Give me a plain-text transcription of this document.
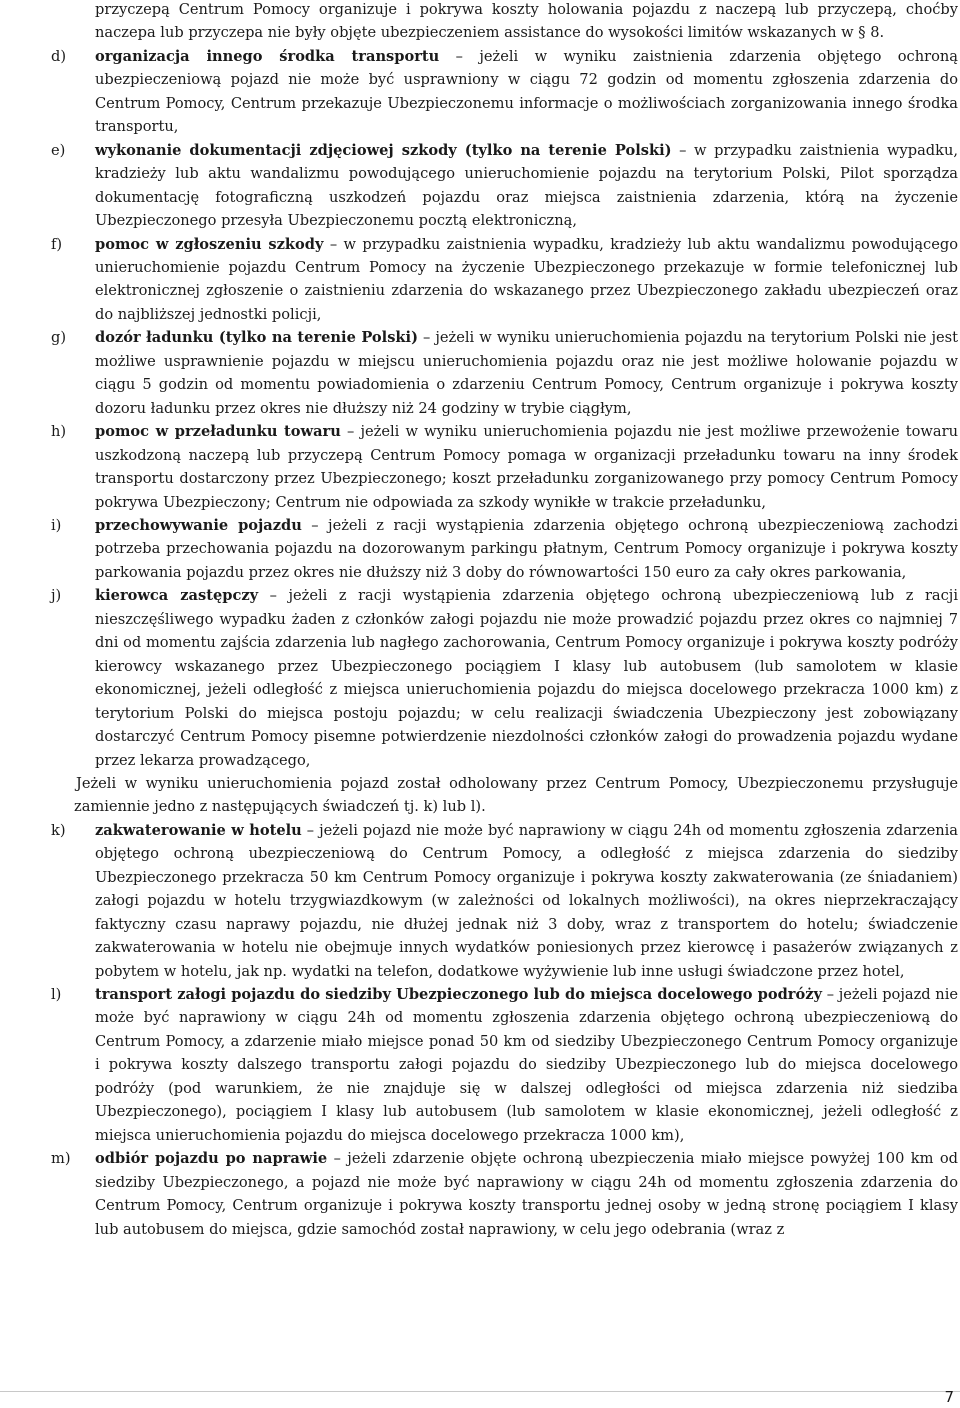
przyczepą Centrum Pomocy organizuje i pokrywa koszty holowania pojazdu z naczepą lub przyczepą, choćby naczepa lub przyczepa nie były objęte ubezpieczeniem assistance do wysokości limitów wskazanych w § 8.
d) organizacja innego środka transportu – jeżeli w wyniku zaistnienia zdarzenia objętego ochroną ubezpieczeniową pojazd nie może być usprawniony w ciągu 72 godzin od momentu zgłoszenia zdarzenia do Centrum Pomocy, Centrum przekazuje Ubezpieczonemu informacje o możliwościach zorganizowania innego środka transportu,
e) wykonanie dokumentacji zdjęciowej szkody (tylko na terenie Polski) – w przypadku zaistnienia wypadku, kradzieży lub aktu wandalizmu powodującego unieruchomienie pojazdu na terytorium Polski, Pilot sporządza dokumentację fotograficzną uszkodzeń pojazdu oraz miejsca zaistnienia zdarzenia, którą na życzenie Ubezpieczonego przesyła Ubezpieczonemu pocztą elektroniczną,
f) pomoc w zgłoszeniu szkody – w przypadku zaistnienia wypadku, kradzieży lub aktu wandalizmu powodującego unieruchomienie pojazdu Centrum Pomocy na życzenie Ubezpieczonego przekazuje w formie telefonicznej lub elektronicznej zgłoszenie o zaistnieniu zdarzenia do wskazanego przez Ubezpieczonego zakładu ubezpieczeń oraz do najbliższej jednostki policji,
g) dozór ładunku (tylko na terenie Polski) – jeżeli w wyniku unieruchomienia pojazdu na terytorium Polski nie jest możliwe usprawnienie pojazdu w miejscu unieruchomienia pojazdu oraz nie jest możliwe holowanie pojazdu w ciągu 5 godzin od momentu powiadomienia o zdarzeniu Centrum Pomocy, Centrum organizuje i pokrywa koszty dozoru ładunku przez okres nie dłuższy niż 24 godziny w trybie ciągłym,
h) pomoc w przeładunku towaru – jeżeli w wyniku unieruchomienia pojazdu nie jest możliwe przewożenie towaru uszkodzoną naczepą lub przyczepą Centrum Pomocy pomaga w organizacji przeładunku towaru na inny środek transportu dostarczony przez Ubezpieczonego; koszt przeładunku zorganizowanego przy pomocy Centrum Pomocy pokrywa Ubezpieczony; Centrum nie odpowiada za szkody wynikłe w trakcie przeładunku,
i) przechowywanie pojazdu – jeżeli z racji wystąpienia zdarzenia objętego ochroną ubezpieczeniową zachodzi potrzeba przechowania pojazdu na dozorowanym parkingu płatnym, Centrum Pomocy organizuje i pokrywa koszty parkowania pojazdu przez okres nie dłuższy niż 3 doby do równowartości 150 euro za cały okres parkowania,
j) kierowca zastępczy – jeżeli z racji wystąpienia zdarzenia objętego ochroną ubezpieczeniową lub z racji nieszczęśliwego wypadku żaden z członków załogi pojazdu nie może prowadzić pojazdu przez okres co najmniej 7 dni od momentu zajścia zdarzenia lub nagłego zachorowania, Centrum Pomocy organizuje i pokrywa koszty podróży kierowcy wskazanego przez Ubezpieczonego pociągiem I klasy lub autobusem (lub samolotem w klasie ekonomicznej, jeżeli odległość z miejsca unieruchomienia pojazdu do miejsca docelowego przekracza 1000 km) z terytorium Polski do miejsca postoju pojazdu; w celu realizacji świadczenia Ubezpieczony jest zobowiązany dostarczyć Centrum Pomocy pisemne potwierdzenie niezdolności członków załogi do prowadzenia pojazdu wydane przez lekarza prowadzącego,
Jeżeli w wyniku unieruchomienia pojazd został odholowany przez Centrum Pomocy, Ubezpieczonemu przysługuje zamiennie jedno z następujących świadczeń tj. k) lub l).
k) zakwaterowanie w hotelu – jeżeli pojazd nie może być naprawiony w ciągu 24h od momentu zgłoszenia zdarzenia objętego ochroną ubezpieczeniową do Centrum Pomocy, a odległość z miejsca zdarzenia do siedziby Ubezpieczonego przekracza 50 km Centrum Pomocy organizuje i pokrywa koszty zakwaterowania (ze śniadaniem) załogi pojazdu w hotelu trzygwiazdkowym (w zależności od lokalnych możliwości), na okres nieprzekraczający faktyczny czasu naprawy pojazdu, nie dłużej jednak niż 3 doby, wraz z transportem do hotelu; świadczenie zakwaterowania w hotelu nie obejmuje innych wydatków poniesionych przez kierowcę i pasażerów związanych z pobytem w hotelu, jak np. wydatki na telefon, dodatkowe wyżywienie lub inne usługi świadczone przez hotel,
l) transport załogi pojazdu do siedziby Ubezpieczonego lub do miejsca docelowego podróży – jeżeli pojazd nie może być naprawiony w ciągu 24h od momentu zgłoszenia zdarzenia objętego ochroną ubezpieczeniową do Centrum Pomocy, a zdarzenie miało miejsce ponad 50 km od siedziby Ubezpieczonego Centrum Pomocy organizuje i pokrywa koszty dalszego transportu załogi pojazdu do siedziby Ubezpieczonego lub do miejsca docelowego podróży (pod warunkiem, że nie znajduje się w dalszej odległości od miejsca zdarzenia niż siedziba Ubezpieczonego), pociągiem I klasy lub autobusem (lub samolotem w klasie ekonomicznej, jeżeli odległość z miejsca unieruchomienia pojazdu do miejsca docelowego przekracza 1000 km),
m) odbiór pojazdu po naprawie – jeżeli zdarzenie objęte ochroną ubezpieczenia miało miejsce powyżej 100 km od siedziby Ubezpieczonego, a pojazd nie może być naprawiony w ciągu 24h od momentu zgłoszenia zdarzenia do Centrum Pomocy, Centrum organizuje i pokrywa koszty transportu jednej osoby w jedną stronę pociągiem I klasy lub autobusem do miejsca, gdzie samochód został naprawiony, w celu jego odebrania (wraz z
7
